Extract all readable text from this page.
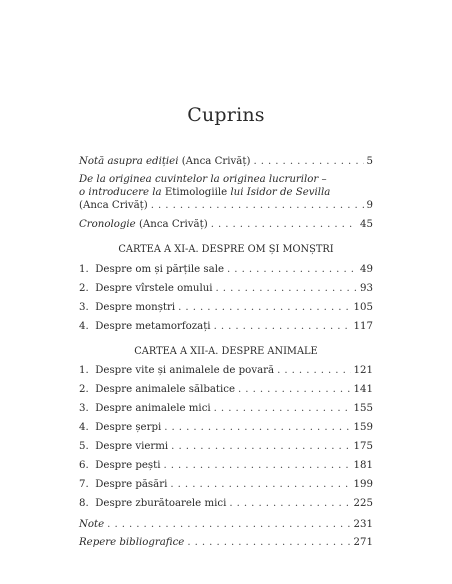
Cuprins
Notă asupra ediției (Anca Crivăț) . . .	5
De la originea cuvintelor la originea lucrurilor –
o introducere la Etimologiile lui Isidor de Sevilla
(Anca Crivăț) . . .	9
Cronologie (Anca Crivăț) . . .	45
CARTEA A XI-A. DESPRE OM ȘI MONȘTRI
1. Despre om și părțile sale . . .	49
2. Despre vîrstele omului . . .	93
3. Despre monștri . . .	105
4. Despre metamorfozați . . .	117
CARTEA A XII-A. DESPRE ANIMALE
1. Despre vite și animalele de povară . . .	121
2. Despre animalele sălbatice . . .	141
3. Despre animalele mici . . .	155
4. Despre șerpi . . .	159
5. Despre viermi . . .	175
6. Despre pești . . .	181
7. Despre păsări . . .	199
8. Despre zburătoarele mici . . .	225
Note . . .	231
Repere bibliografice . . .	271
